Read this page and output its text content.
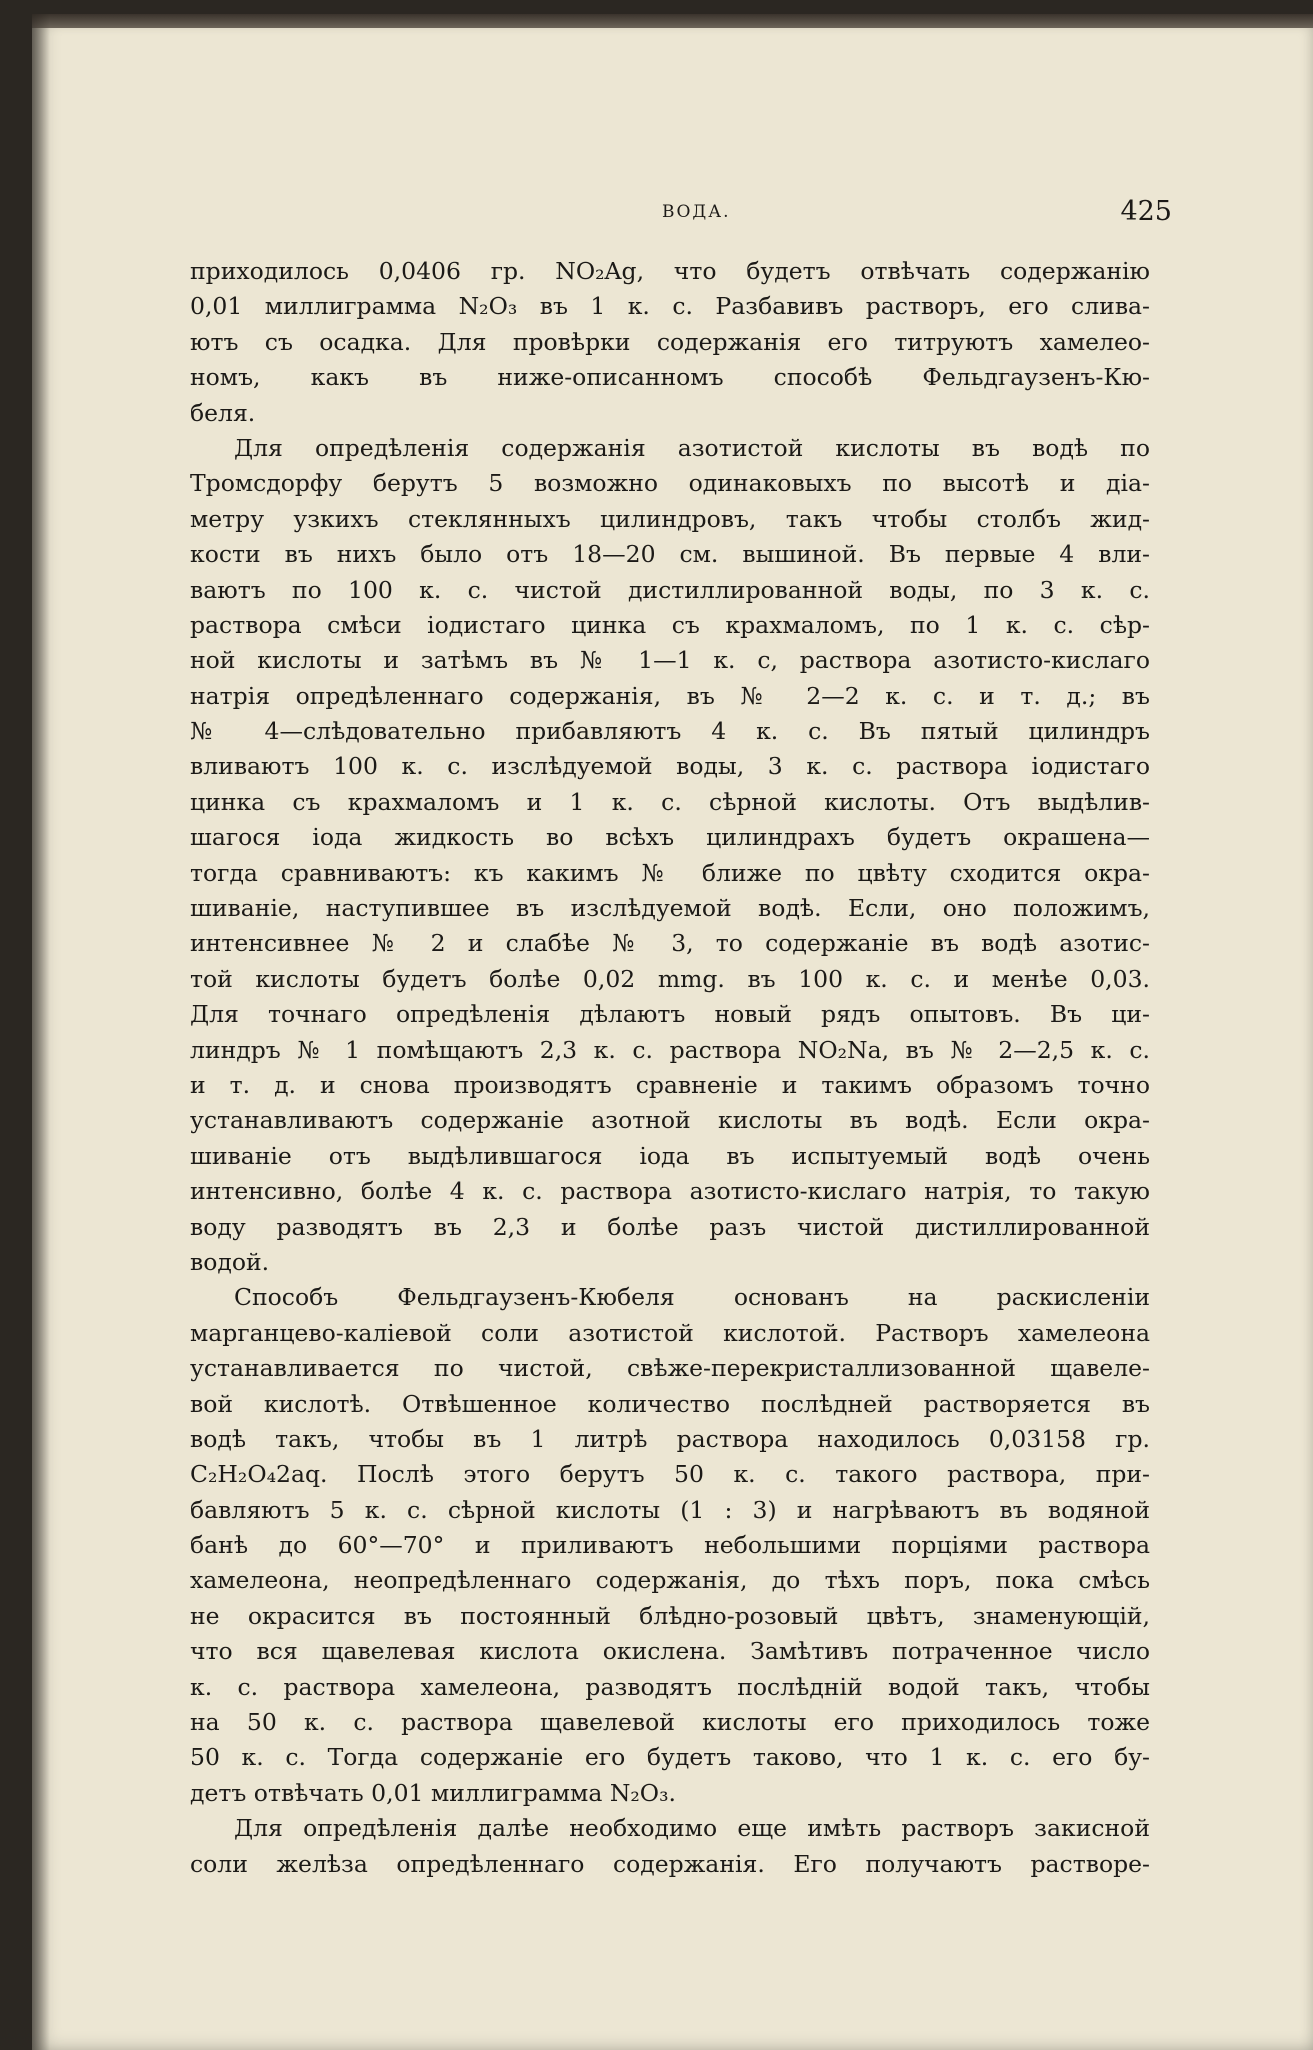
ВОДА.	425
приходилось 0,0406 гр. NO₂Ag, что будетъ отвѣчать содержанію
0,01 миллиграмма N₂O₃ въ 1 к. с. Разбавивъ растворъ, его слива-
ютъ съ осадка. Для провѣрки содержанія его титруютъ хамелео-
номъ, какъ въ ниже-описанномъ способѣ Фельдгаузенъ-Кю-
беля.
Для опредѣленія содержанія азотистой кислоты въ водѣ по
Тромсдорфу берутъ 5 возможно одинаковыхъ по высотѣ и діа-
метру узкихъ стеклянныхъ цилиндровъ, такъ чтобы столбъ жид-
кости въ нихъ было отъ 18—20 см. вышиной. Въ первые 4 вли-
ваютъ по 100 к. с. чистой дистиллированной воды, по 3 к. с.
раствора смѣси іодистаго цинка съ крахмаломъ, по 1 к. с. сѣр-
ной кислоты и затѣмъ въ № 1—1 к. с, раствора азотисто-кислаго
натрія опредѣленнаго содержанія, въ № 2—2 к. с. и т. д.; въ
№ 4—слѣдовательно прибавляютъ 4 к. с. Въ пятый цилиндръ
вливаютъ 100 к. с. изслѣдуемой воды, 3 к. с. раствора іодистаго
цинка съ крахмаломъ и 1 к. с. сѣрной кислоты. Отъ выдѣлив-
шагося іода жидкость во всѣхъ цилиндрахъ будетъ окрашена—
тогда сравниваютъ: къ какимъ № ближе по цвѣту сходится окра-
шиваніе, наступившее въ изслѣдуемой водѣ. Если, оно положимъ,
интенсивнее № 2 и слабѣе № 3, то содержаніе въ водѣ азотис-
той кислоты будетъ болѣе 0,02 mmg. въ 100 к. с. и менѣе 0,03.
Для точнаго опредѣленія дѣлаютъ новый рядъ опытовъ. Въ ци-
линдръ № 1 помѣщаютъ 2,3 к. с. раствора NO₂Na, въ № 2—2,5 к. с.
и т. д. и снова производятъ сравненіе и такимъ образомъ точно
устанавливаютъ содержаніе азотной кислоты въ водѣ. Если окра-
шиваніе отъ выдѣлившагося іода въ испытуемый водѣ очень
интенсивно, болѣе 4 к. с. раствора азотисто-кислаго натрія, то такую
воду разводятъ въ 2,3 и болѣе разъ чистой дистиллированной
водой.
Способъ Фельдгаузенъ-Кюбеля основанъ на раскисленіи
марганцево-каліевой соли азотистой кислотой. Растворъ хамелеона
устанавливается по чистой, свѣже-перекристаллизованной щавеле-
вой кислотѣ. Отвѣшенное количество послѣдней растворяется въ
водѣ такъ, чтобы въ 1 литрѣ раствора находилось 0,03158 гр.
C₂H₂O₄2aq. Послѣ этого берутъ 50 к. с. такого раствора, при-
бавляютъ 5 к. с. сѣрной кислоты (1 : 3) и нагрѣваютъ въ водяной
банѣ до 60°—70° и приливаютъ небольшими порціями раствора
хамелеона, неопредѣленнаго содержанія, до тѣхъ поръ, пока смѣсь
не окрасится въ постоянный блѣдно-розовый цвѣтъ, знаменующій,
что вся щавелевая кислота окислена. Замѣтивъ потраченное число
к. с. раствора хамелеона, разводятъ послѣдній водой такъ, чтобы
на 50 к. с. раствора щавелевой кислоты его приходилось тоже
50 к. с. Тогда содержаніе его будетъ таково, что 1 к. с. его бу-
детъ отвѣчать 0,01 миллиграмма N₂O₃.
Для опредѣленія далѣе необходимо еще имѣть растворъ закисной
соли желѣза опредѣленнаго содержанія. Его получаютъ растворе-
